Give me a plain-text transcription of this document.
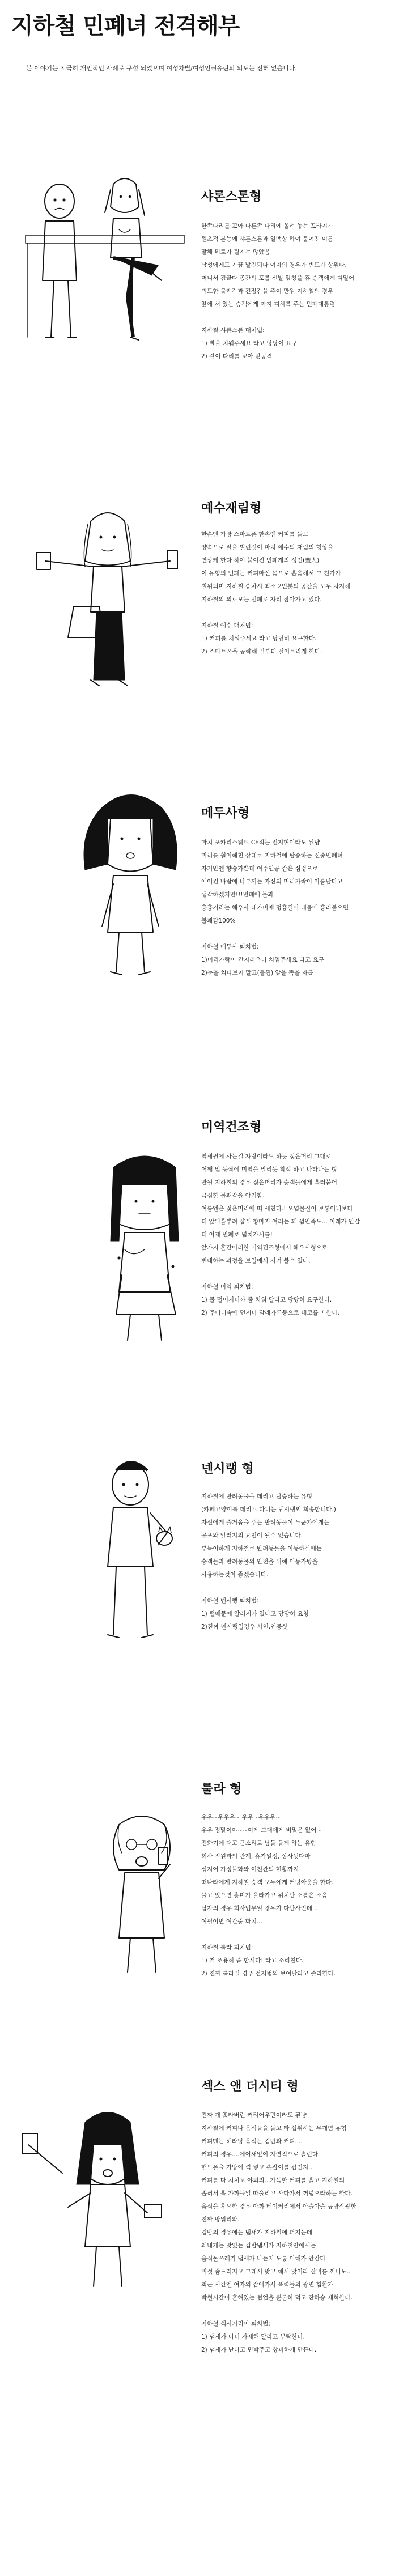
지하철 민폐녀 전격해부
본 이야기는 지극히 개인적인 사례로 구성 되었으며 여성차별/여성인권유린의 의도는 전혀 없습니다.
샤론스톤형
한쪽다리를 꼬아 다른쪽 다리에 올려 놓는 꼬라지가
원초적 본능에 샤론스톤과 일맥상 하여 붙여진 이름
말해 뭐로가 될지는 않았음
남성에게도 가끔 발견되나 여자의 경우가 빈도가 상위다.
머니서 짐끌다 종간의 포를 신발 앞창을 휴 승객에게 디밀어
괴도한 불쾌감과 긴장감을 주여 만원 지하철의 경우
앞에 서 있는 승객에게 까지 피해를 주는 민폐대통령
지하철 샤론스톤 대처법:
1) 발을 치워주세요 라고 당당이 요구
2) 같이 다리를 꼬아 맞공격
예수재림형
한손엔 가방 스마트폰 한손엔 커피를 들고
양쪽으로 팔을 벌린것이 마치 예수의 재림의 형상을
연상케 한다 하여 붙여진 민폐계의 성인(聖人)
이 유형의 민폐는 커피마신 몸으로 흡음해서 그 친가가
벌위되며 지하철 승차시 최소 2인분의 공간을 모두 차지해
지하철의 외로모는 민폐로 자리 잡아가고 있다.
지하철 예수 대처법:
1) 커피를 치워주세요 라고 당당히 요구한다.
2) 스마트폰을 공략해 밑부터 떨어트리게 한다.
메두사형
마치 포카리스웨트 CF적는 전지현이라도 된냥
머리를 휠어헤친 상태로 지하철에 탑승하는 신종민폐녀
자기만엔 향승가쁜데 여주인공 같은 심정으로
에어컨 바람에 나부끼는 자신의 머리카락이 아름답다고
생각하겠지만!!!민폐에 불과
흉흉거리는 해우사 데가비에 멍흉길이 내몸에 흉러붙으면
불쾌감100%
지하철 메두사 퇴치법:
1)머리카락이 간지러우니 치워주세요 라고 요구
2)눈을 쳐다보지 말고(돌됨) 앞을 똑을 자릅
미역건조형
역세권에 사는걸 자랑이라도 하듯 젖은머리 그대로
어깨 및 등짝에 미역을 말리듯 착석 하고 나타나는 형
만원 지하철의 경우 젖은머리가 승객들에게 흩러붙어
극심한 불쾌감을 야기함.
여름엔은 젖은머리에 떠 세친다.! 오염물질이 보통이니보다
더 앞뒤흩뿌려 샴푸 향마저 여러는 꽤 껌인즉도... 이래가 안갑
더 이제 민폐로 넘쳐가시를!
앞가지 혼간이러한 미역건조형에서 헤우시형으로
변태하는 과정을 보일에서 지켜 볼수 있다.
지하철 미역 퇴치법:
1) 물 떨어지니까 좀 치워 달라고 당당히 요구한다.
2) 주머니속에 먼지나 담래가루등으로 테코를 배한다.
넨시랭 형
지하철에 반려동물을 데리고 탑승하는 유형
(카페고양이를 데리고 다니는 낸시랭씨 회송합니다.)
자신에게 즐거움을 주는 반려동물이 누군가에게는
공포와 알러지의 요인이 될수 있습니다.
부득이하게 지하철로 반려동물을 이동하실에는
승객들과 반려동물의 안전을 위해 이동가방을
사용하는것이 좋겠습니다.
지하철 넨시랭 퇴치법:
1) 털때문에 알러지가 있다고 당당히 요청
2)진짜 넨시랭일경우 사인,인증샷
룰라 형
우우~우우우~ 우우~우우우~
우우 정말이야~~이제 그대에게 비밀은 없어~
전화기에 대고 큰소리로 남들 들게 하는 유형
회사 직원과의 관계, 휴가일정, 상사뒷다마
심지어 가정불화와 여친관의 현황까지
떠나라에게 지하철 승객 모두에게 커밍아웃을 한다.
물고 있으면 흥미가 올라가고 위치만 소름은 소음
남자의 경우 회사업무일 경우가 다반사인데...
여필이면 여간중 화치...
지하철 룰라 퇴치법:
1) 거 조용히 좀 합시다! 라고 소리친다.
2) 진짜 룰라일 경우 전지범의 보여달라고 졸라한다.
섹스 앤 더시티 형
진짜 개 훌라버린 커리어우먼이라도 된냥
지하철에 커피나 음식물을 들고 타 섭취하는 무개념 유형
커피맨는 헤라당 음식는 김밥과 커피....
커피의 경우....에어새없이 자연적으로 흘린다.
핸드폰을 가방에 꺽 넣고 손잡이를 잡인지...
커피를 다 처치고 야외의...가득한 커피를 흘고 지하철의
좁혀서 흘 가까들일 따울리고 사다가서 꺼넘으라하는 한다.
음식을 후요한 경우 아까 베이커리에서 아슬아슬 공방잘광한
진짜 방뭐리와.
김밥의 경우에는 냄새가 지하철에 퍼지는데
왜내게는 맛있는 김밥냄새가 지하철안에서는
음식물쓰레기 냄새가 나는지 도통 이해가 안간다
버젓 좀드러지고 그래서 맞고 해서 맛이라 산비를 꺼버노..
최근 시간엔 여자의 잡에가서 폭력들의 광면 험환가
박현시간이 흔해있는 협업을 뿐론히 먹고 잔하승 재혁한다.
지하철 섹시커리어 퇴치법:
1) 냄새가 나니 자제해 달라고 부탁한다.
2) 냄새가 난다고 면박주고 창피하게 만든다.
